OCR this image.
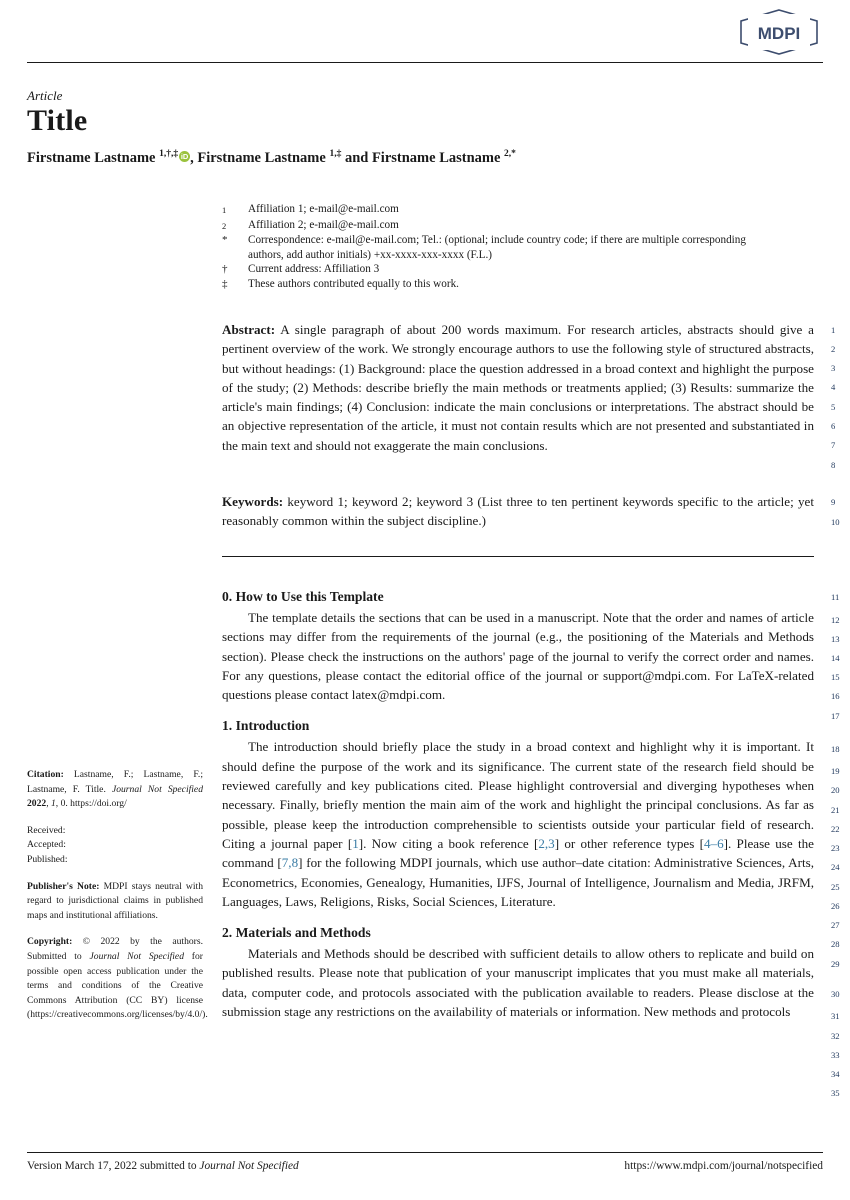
MDPI
Article
Title
Firstname Lastname $^{1,\dagger,\ddagger}$ iD , Firstname Lastname $^{1,\ddagger}$ and Firstname Lastname $^{2,*}$
1	Affiliation 1; e-mail@e-mail.com
2	Affiliation 2; e-mail@e-mail.com
*	Correspondence: e-mail@e-mail.com; Tel.: (optional; include country code; if there are multiple corresponding authors, add author initials) +xx-xxxx-xxx-xxxx (F.L.)
†	Current address: Affiliation 3
‡	These authors contributed equally to this work.
Abstract: A single paragraph of about 200 words maximum. For research articles, abstracts should give a pertinent overview of the work. We strongly encourage authors to use the following style of structured abstracts, but without headings: (1) Background: place the question addressed in a broad context and highlight the purpose of the study; (2) Methods: describe briefly the main methods or treatments applied; (3) Results: summarize the article's main findings; (4) Conclusion: indicate the main conclusions or interpretations. The abstract should be an objective representation of the article, it must not contain results which are not presented and substantiated in the main text and should not exaggerate the main conclusions.
Keywords: keyword 1; keyword 2; keyword 3 (List three to ten pertinent keywords specific to the article; yet reasonably common within the subject discipline.)
0. How to Use this Template

The template details the sections that can be used in a manuscript. Note that the order and names of article sections may differ from the requirements of the journal (e.g., the positioning of the Materials and Methods section). Please check the instructions on the authors' page of the journal to verify the correct order and names. For any questions, please contact the editorial office of the journal or support@mdpi.com. For LaTeX-related questions please contact latex@mdpi.com.

1. Introduction

The introduction should briefly place the study in a broad context and highlight why it is important. It should define the purpose of the work and its significance. The current state of the research field should be reviewed carefully and key publications cited. Please highlight controversial and diverging hypotheses when necessary. Finally, briefly mention the main aim of the work and highlight the principal conclusions. As far as possible, please keep the introduction comprehensible to scientists outside your particular field of research. Citing a journal paper [1]. Now citing a book reference [2,3] or other reference types [4–6]. Please use the command [7,8] for the following MDPI journals, which use author–date citation: Administrative Sciences, Arts, Econometrics, Economies, Genealogy, Humanities, IJFS, Journal of Intelligence, Journalism and Media, JRFM, Languages, Laws, Religions, Risks, Social Sciences, Literature.

2. Materials and Methods

Materials and Methods should be described with sufficient details to allow others to replicate and build on published results. Please note that publication of your manuscript implicates that you must make all materials, data, computer code, and protocols associated with the publication available to readers. Please disclose at the submission stage any restrictions on the availability of materials or information. New methods and protocols

Citation: Lastname, F.; Lastname, F.; Lastname, F. Title. Journal Not Specified 2022, 1, 0. https://doi.org/
Received:
Accepted:
Published:
Publisher's Note: MDPI stays neutral with regard to jurisdictional claims in published maps and institutional affiliations.
Copyright: © 2022 by the authors. Submitted to Journal Not Specified for possible open access publication under the terms and conditions of the Creative Commons Attribution (CC BY) license (https://creativecommons.org/licenses/by/4.0/).
Version March 17, 2022 submitted to Journal Not Specified	https://www.mdpi.com/journal/notspecified
1
2
3
4
5
6
7
8
9
10
11
12
13
14
15
16
17
18
19
20
21
22
23
24
25
26
27
28
29
30
31
32
33
34
35
